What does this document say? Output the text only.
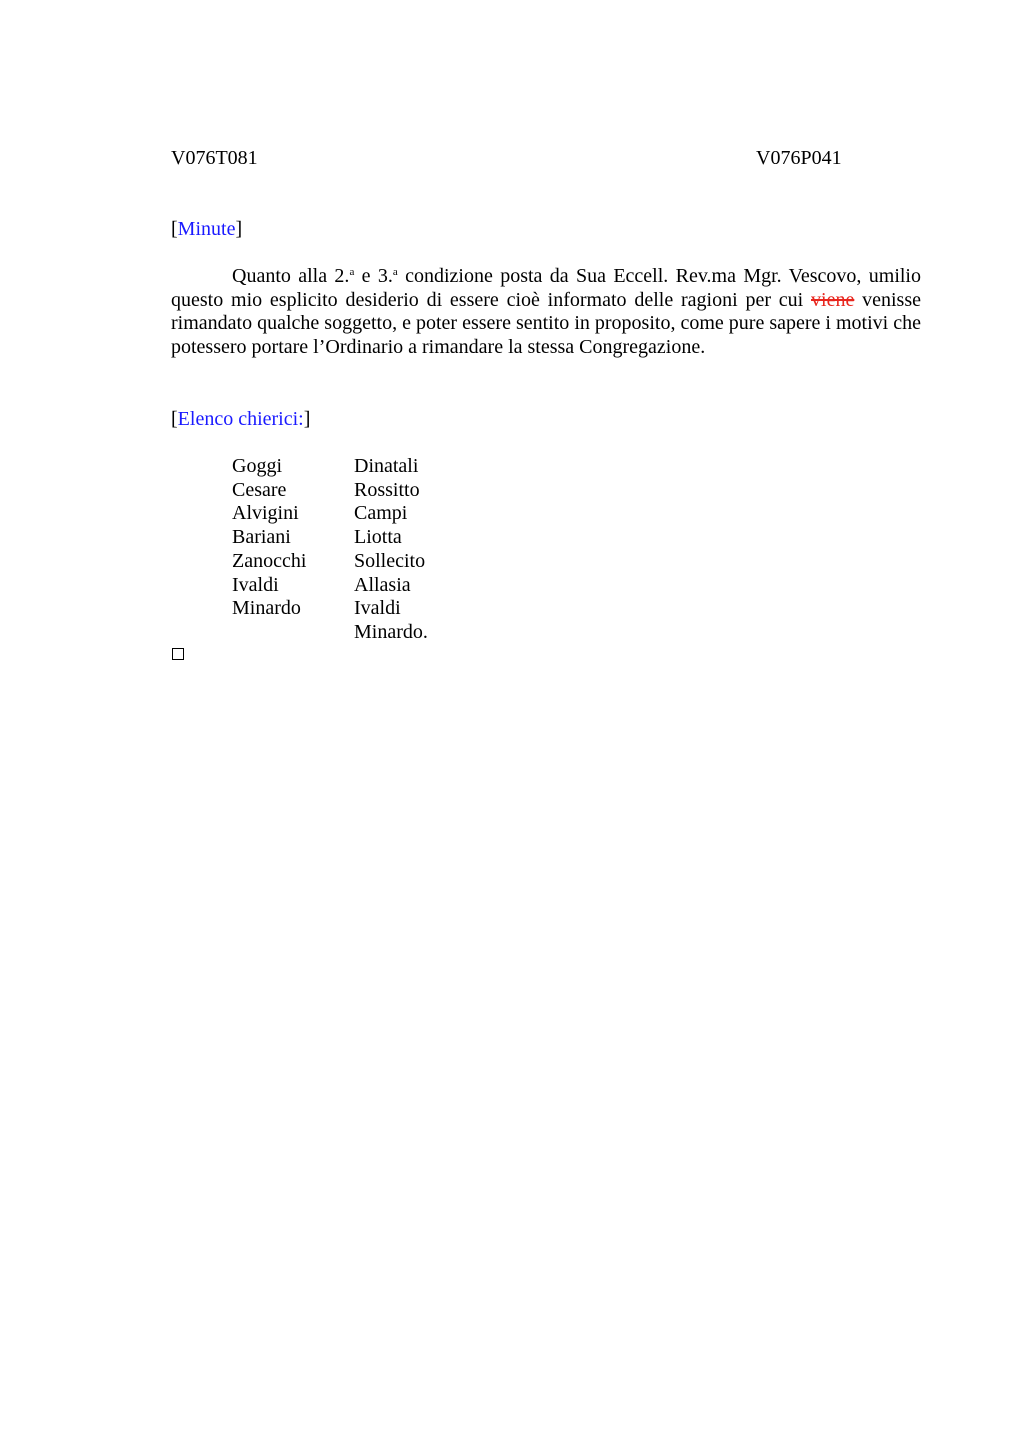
V076T081	V076P041
[Minute]

Quanto alla 2.$^a$ e 3.$^a$ condizione posta da Sua Eccell. Rev.ma Mgr. Vescovo, umilio questo mio esplicito desiderio di essere cioè informato delle ragioni per cui viene venisse rimandato qualche soggetto, e poter essere sentito in proposito, come pure sapere i motivi che potessero portare l’Ordinario a rimandare la stessa Congregazione.

[Elenco chierici:]
Goggi
Cesare
Alvigini
Bariani
Zanocchi
Ivaldi
Minardo
Dinatali
Rossitto
Campi
Liotta
Sollecito
Allasia
Ivaldi
Minardo.
